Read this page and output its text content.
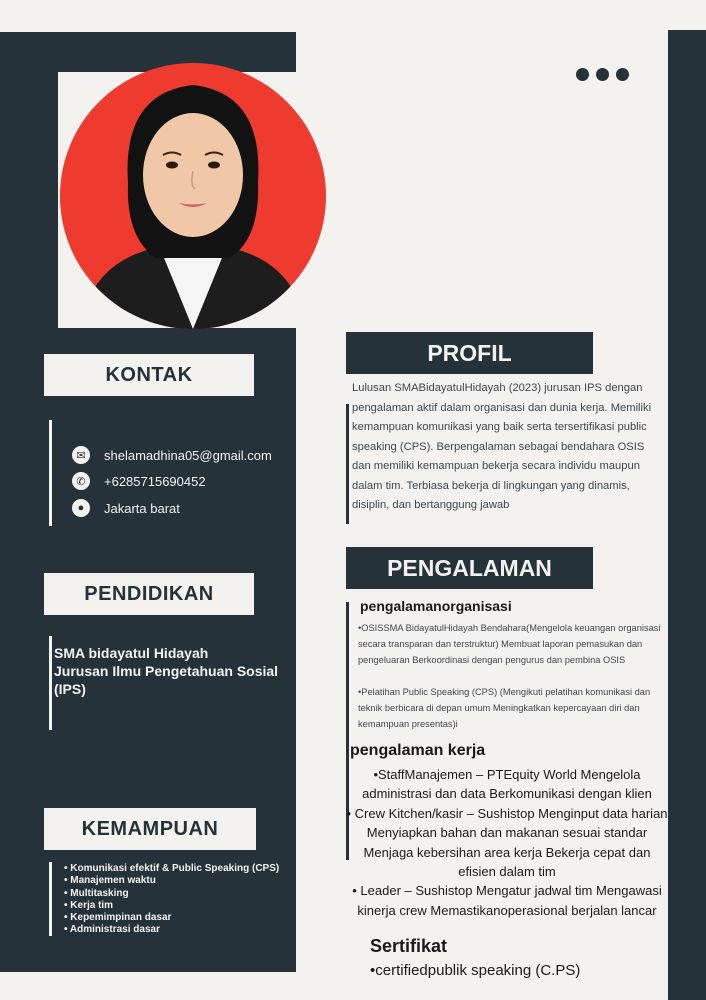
KONTAK
✉	shelamadhina05@gmail.com
✆	+6285715690452
●	Jakarta barat
PENDIDIKAN
SMA bidayatul Hidayah
Jurusan Ilmu Pengetahuan Sosial
(IPS)
KEMAMPUAN
• Komunikasi efektif & Public Speaking (CPS)
• Manajemen waktu
• Multitasking
• Kerja tim
• Kepemimpinan dasar
• Administrasi dasar
PROFIL
Lulusan SMABidayatulHidayah (2023) jurusan IPS dengan pengalaman aktif dalam organisasi dan dunia kerja. Memiliki kemampuan komunikasi yang baik serta tersertifikasi public speaking (CPS). Berpengalaman sebagai bendahara OSIS dan memiliki kemampuan bekerja secara individu maupun dalam tim. Terbiasa bekerja di lingkungan yang dinamis, disiplin, dan bertanggung jawab
PENGALAMAN
pengalamanorganisasi
•OSISSMA BidayatulHidayah Bendahara(Mengelola keuangan organisasi secara transparan dan terstruktur) Membuat laporan pemasukan dan pengeluaran Berkoordinasi dengan pengurus dan pembina OSIS
•Pelatihan Public Speaking (CPS) (Mengikuti pelatihan komunikasi dan teknik berbicara di depan umum Meningkatkan kepercayaan diri dan kemampuan presentas)i
pengalaman kerja
•StaffManajemen – PTEquity World Mengelola administrasi dan data Berkomunikasi dengan klien
• Crew Kitchen/kasir – Sushistop Menginput data harian Menyiapkan bahan dan makanan sesuai standar Menjaga kebersihan area kerja Bekerja cepat dan efisien dalam tim
• Leader – Sushistop Mengatur jadwal tim Mengawasi kinerja crew Memastikanoperasional berjalan lancar
Sertifikat
•certifiedpublik speaking (C.PS)
